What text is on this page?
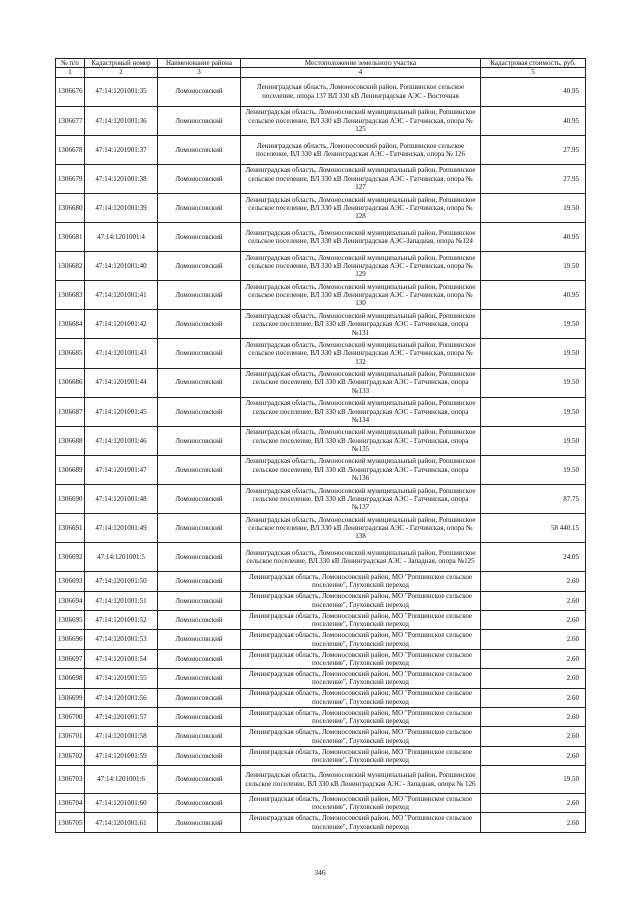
№ п/п	Кадастровый номер	Наименование района	Местоположение земельного участка	Кадастровая стоимость, руб.
1	2	3	4	5
1306676	47:14:1201001:35	Ломоносовский	Ленинградская область, Ломоносовский район, Ропшинское сельское поселение, опора 137 ВЛ 330 кВ Ленинградская АЭС - Восточная	40.95
1306677	47:14:1201001:36	Ломоносовский	Ленинградская область, Ломоносовский муниципальный район, Ропшинское сельское поселение, ВЛ 330 кВ Ленинградская АЭС - Гатчинская, опора № 125	40.95
1306678	47:14:1201001:37	Ломоносовский	Ленинградская область, Ломоносовский район, Ропшинское сельское поселение, ВЛ 330 кВ Ленинградская АЭС - Гатчинская, опора № 126	27.95
1306679	47:14:1201001:38	Ломоносовский	Ленинградская область, Ломоносовский муниципальный район, Ропшинское сельское поселение, ВЛ 330 кВ Ленинградская АЭС - Гатчинская, опора № 127	27.95
1306680	47:14:1201001:39	Ломоносовский	Ленинградская область, Ломоносовский муниципальный район, Ропшинское сельское поселение, ВЛ 330 кВ Ленинградская АЭС - Гатчинская, опора № 128	19.50
1306681	47:14:1201001:4	Ломоносовский	Ленинградская область, Ломоносовский муниципальный район, Ропшинское сельское поселение, ВЛ 330 кВ Ленинградская АЭС-Западная, опора №124	40.95
1306682	47:14:1201001:40	Ломоносовский	Ленинградская область, Ломоносовский муниципальный район, Ропшинское сельское поселение, ВЛ 330 кВ Ленинградская АЭС - Гатчинская, опора № 129	19.50
1306683	47:14:1201001:41	Ломоносовский	Ленинградская область, Ломоносовский муниципальный район, Ропшинское сельское поселение, ВЛ 330 кВ Ленинградская АЭС - Гатчинская, опора № 130	40.95
1306684	47:14:1201001:42	Ломоносовский	Ленинградская область, Ломоносовский муниципальный район, Ропшинское сельское поселение, ВЛ 330 кВ Ленинградская АЭС - Гатчинская, опора №131	19.50
1306685	47:14:1201001:43	Ломоносовский	Ленинградская область, Ломоносовский муниципальный район, Ропшинское сельское поселение, ВЛ 330 кВ Ленинградская АЭС - Гатчинская, опора № 132	19.50
1306686	47:14:1201001:44	Ломоносовский	Ленинградская область, Ломоносовский муниципальный район, Ропшинское сельское поселение, ВЛ 330 кВ Ленинградская АЭС - Гатчинская, опора №133	19.50
1306687	47:14:1201001:45	Ломоносовский	Ленинградская область, Ломоносовский муниципальный район, Ропшинское сельское поселение, ВЛ 330 кВ Ленинградская АЭС - Гатчинская, опора №134	19.50
1306688	47:14:1201001:46	Ломоносовский	Ленинградская область, Ломоносовский муниципальный район, Ропшинское сельское поселение, ВЛ 330 кВ Ленинградская АЭС - Гатчинская, опора №135	19.50
1306689	47:14:1201001:47	Ломоносовский	Ленинградская область, Ломоносовский муниципальный район, Ропшинское сельское поселение, ВЛ 330 кВ Ленинградская АЭС - Гатчинская, опора №136	19.50
1306690	47:14:1201001:48	Ломоносовский	Ленинградская область, Ломоносовский муниципальный район, Ропшинское сельское поселение, ВЛ 330 кВ Ленинградская АЭС - Гатчинская, опора №137	87.75
1306691	47:14:1201001:49	Ломоносовский	Ленинградская область, Ломоносовский муниципальный район, Ропшинское сельское поселение, ВЛ 330 кВ Ленинградская АЭС - Гатчинская, опора № 138	58 440.15
1306692	47:14:1201001:5	Ломоносовский	Ленинградская область, Ломоносовский муниципальный район, Ропшинское сельское поселение, ВЛ 330 кВ Ленинградская АЭС - Западная, опора №125	24.05
1306693	47:14:1201001:50	Ломоносовский	Ленинградская область, Ломоносовский район, МО "Ропшинское сельское поселение", Глуховский переход	2.60
1306694	47:14:1201001:51	Ломоносовский	Ленинградская область, Ломоносовский район, МО "Ропшинское сельское поселение", Глуховский переход	2.60
1306695	47:14:1201001:52	Ломоносовский	Ленинградская область, Ломоносовский район, МО "Ропшинское сельское поселение", Глуховский переход	2.60
1306696	47:14:1201001:53	Ломоносовский	Ленинградская область, Ломоносовский район, МО "Ропшинское сельское поселение", Глуховский переход	2.60
1306697	47:14:1201001:54	Ломоносовский	Ленинградская область, Ломоносовский район, МО "Ропшинское сельское поселение", Глуховский переход	2.60
1306698	47:14:1201001:55	Ломоносовский	Ленинградская область, Ломоносовский район, МО "Ропшинское сельское поселение", Глуховский переход	2.60
1306699	47:14:1201001:56	Ломоносовский	Ленинградская область, Ломоносовский район, МО "Ропшинское сельское поселение", Глуховский переход	2.60
1306700	47:14:1201001:57	Ломоносовский	Ленинградская область, Ломоносовский район, МО "Ропшинское сельское поселение", Глуховский переход	2.60
1306701	47:14:1201001:58	Ломоносовский	Ленинградская область, Ломоносовский район, МО "Ропшинское сельское поселение", Глуховский переход	2.60
1306702	47:14:1201001:59	Ломоносовский	Ленинградская область, Ломоносовский район, МО "Ропшинское сельское поселение", Глуховский переход	2.60
1306703	47:14:1201001:6	Ломоносовский	Ленинградская область, Ломоносовский муниципальный район, Ропшинское сельское поселение, ВЛ 330 кВ Ленинградская АЭС - Западная, опора № 126	19.50
1306704	47:14:1201001:60	Ломоносовский	Ленинградская область, Ломоносовский район, МО "Ропшинское сельское поселение", Глуховский переход	2.60
1306705	47:14:1201001:61	Ломоносовский	Ленинградская область, Ломоносовский район, МО "Ропшинское сельское поселение", Глуховский переход	2.60
346
